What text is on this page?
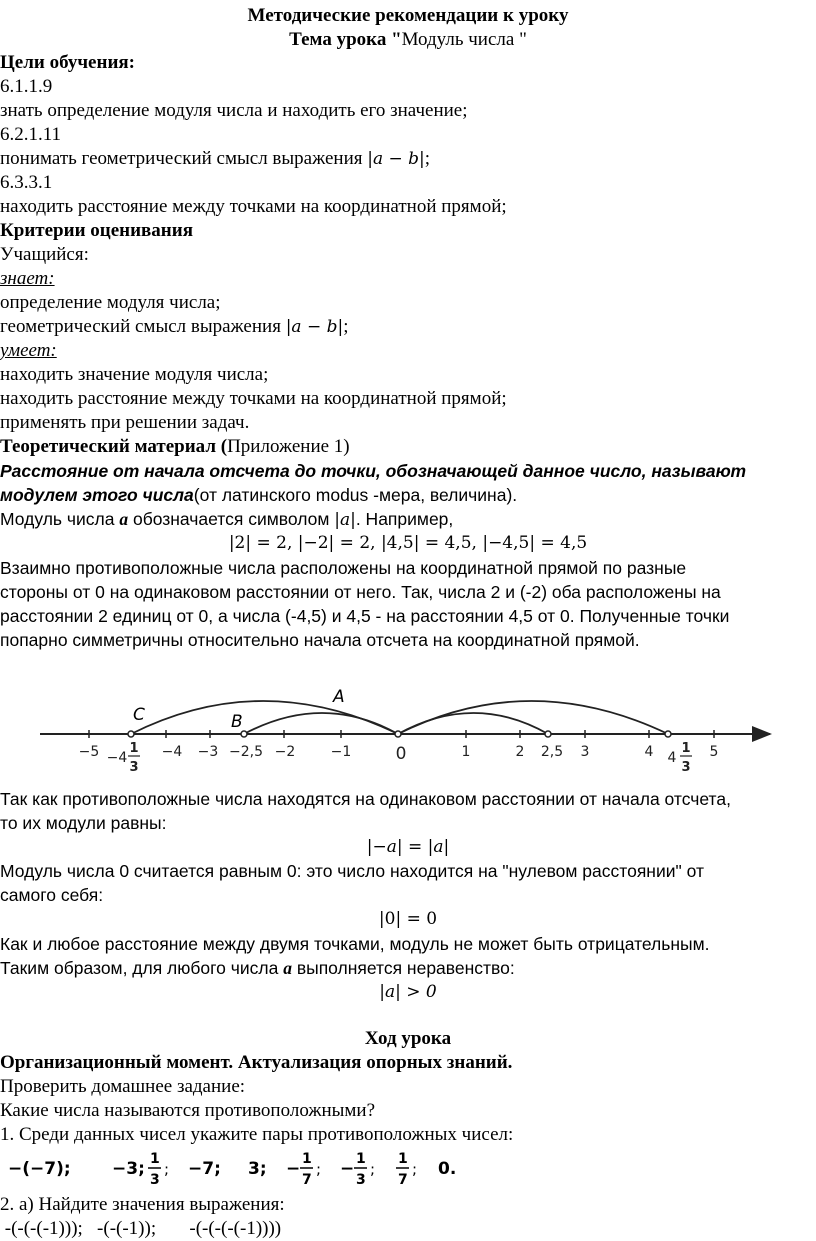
Методические рекомендации к уроку
Тема урока "Модуль числа "
Цели обучения:
6.1.1.9
знать определение модуля числа и находить его значение;
6.2.1.11
понимать геометрический смысл выражения |a − b|;
6.3.3.1
находить расстояние между точками на координатной прямой;
Критерии оценивания
Учащийся:
знает:
определение модуля числа;
геометрический смысл выражения |a − b|;
умеет:
находить значение модуля числа;
находить расстояние между точками на координатной прямой;
применять при решении задач.
Теоретический материал (Приложение 1)
Расстояние от начала отсчета до точки, обозначающей данное число, называют
модулем этого числа(от латинского modus -мера, величина).
Модуль числа a обозначается символом |a|. Например,
|2| = 2, |−2| = 2, |4,5| = 4,5, |−4,5| = 4,5
Взаимно противоположные числа расположены на координатной прямой по разные
стороны от 0 на одинаковом расстоянии от него. Так, числа 2 и (-2) оба расположены на
расстоянии 2 единиц от 0, а числа (-4,5) и 4,5 - на расстоянии 4,5 от 0. Полученные точки
попарно симметричны относительно начала отсчета на координатной прямой.
C	B
A
−5	−4 −3 −2,5 −2	−1	0	1	2 2,5 3	4	5
−4
1
3
4
1
3
Так как противоположные числа находятся на одинаковом расстоянии от начала отсчета,
то их модули равны:
|−a| = |a|
Модуль числа 0 считается равным 0: это число находится на "нулевом расстоянии" от
самого себя:
|0| = 0
Как и любое расстояние между двумя точками, модуль не может быть отрицательным.
Таким образом, для любого числа a выполняется неравенство:
|a| > 0
Ход урока
Организационный момент. Актуализация опорных знаний.
Проверить домашнее задание:
Какие числа называются противоположными?
1. Среди данных чисел укажите пары противоположных чисел:
−(−7); −3; 1
3
; −7; 3; − 1
7
; − 1
3
;
1
7
; 0.
2. а) Найдите значения выражения:
-(-(-(-1)));   -(-(-1));       -(-(-(-(-1))))
